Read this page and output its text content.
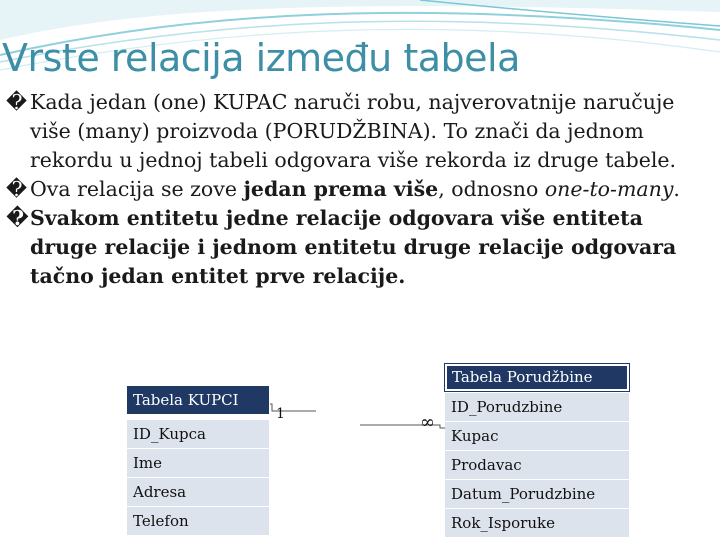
Vrste relacija između tabela

� Kada jedan (one) KUPAC naruči robu, najverovatnije naručuje više (many) proizvoda (PORUDŽBINA). To znači da jednom rekordu u jednoj tabeli odgovara više rekorda iz druge tabele.

� Ova relacija se zove jedan prema više, odnosno one-to-many.

� Svakom entitetu jedne relacije odgovara više entiteta druge relacije i jednom entitetu druge relacije odgovara tačno jedan entitet prve relacije.

Tabela KUPCI
ID_Kupca
Ime
Adresa
Telefon
1	∞
Tabela Porudžbine
ID_Porudzbine
Kupac
Prodavac
Datum_Porudzbine
Rok_Isporuke
